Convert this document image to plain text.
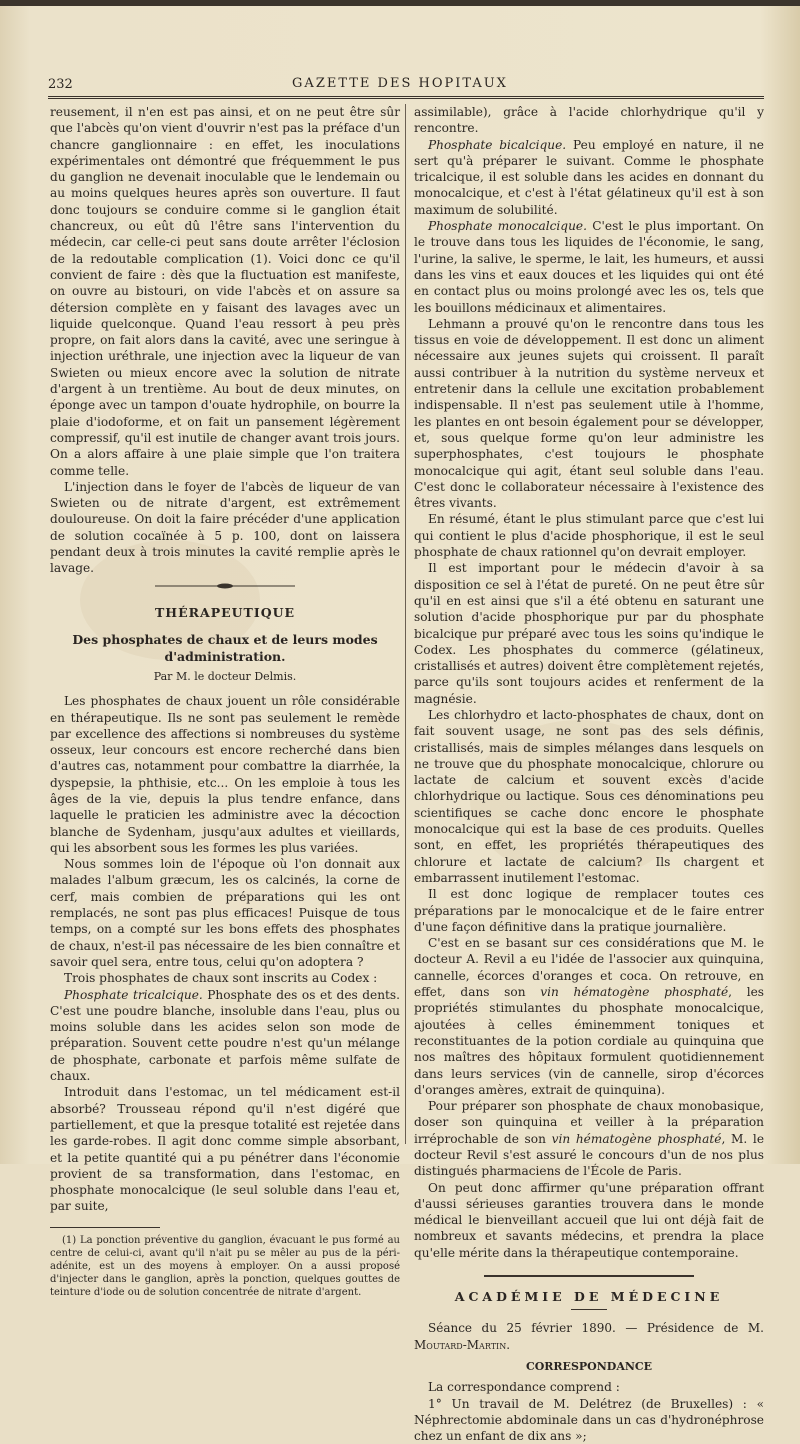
232	GAZETTE DES HOPITAUX

reusement, il n'en est pas ainsi, et on ne peut être sûr que l'abcès qu'on vient d'ouvrir n'est pas la préface d'un chancre ganglionnaire : en effet, les inoculations expérimentales ont démontré que fréquemment le pus du ganglion ne devenait inoculable que le lendemain ou au moins quelques heures après son ouverture. Il faut donc toujours se conduire comme si le ganglion était chancreux, ou eût dû l'être sans l'intervention du médecin, car celle-ci peut sans doute arrêter l'éclosion de la redoutable complication (1). Voici donc ce qu'il convient de faire : dès que la fluctuation est manifeste, on ouvre au bistouri, on vide l'abcès et on assure sa détersion complète en y faisant des lavages avec un liquide quelconque. Quand l'eau ressort à peu près propre, on fait alors dans la cavité, avec une seringue à injection uréthrale, une injection avec la liqueur de van Swieten ou mieux encore avec la solution de nitrate d'argent à un trentième. Au bout de deux minutes, on éponge avec un tampon d'ouate hydrophile, on bourre la plaie d'iodoforme, et on fait un pansement légèrement compressif, qu'il est inutile de changer avant trois jours. On a alors affaire à une plaie simple que l'on traitera comme telle.

L'injection dans le foyer de l'abcès de liqueur de van Swieten ou de nitrate d'argent, est extrêmement douloureuse. On doit la faire précéder d'une application de solution cocaïnée à 5 p. 100, dont on laissera pendant deux à trois minutes la cavité remplie après le lavage.

THÉRAPEUTIQUE
Des phosphates de chaux et de leurs modes
d'administration.
Par M. le docteur Delmis.

Les phosphates de chaux jouent un rôle considérable en thérapeutique. Ils ne sont pas seulement le remède par excellence des affections si nombreuses du système osseux, leur concours est encore recherché dans bien d'autres cas, notamment pour combattre la diarrhée, la dyspepsie, la phthisie, etc... On les emploie à tous les âges de la vie, depuis la plus tendre enfance, dans laquelle le praticien les administre avec la décoction blanche de Sydenham, jusqu'aux adultes et vieillards, qui les absorbent sous les formes les plus variées.

Nous sommes loin de l'époque où l'on donnait aux malades l'album græcum, les os calcinés, la corne de cerf, mais combien de préparations qui les ont remplacés, ne sont pas plus efficaces! Puisque de tous temps, on a compté sur les bons effets des phosphates de chaux, n'est-il pas nécessaire de les bien connaître et savoir quel sera, entre tous, celui qu'on adoptera ?

Trois phosphates de chaux sont inscrits au Codex :

Phosphate tricalcique. Phosphate des os et des dents. C'est une poudre blanche, insoluble dans l'eau, plus ou moins soluble dans les acides selon son mode de préparation. Souvent cette poudre n'est qu'un mélange de phosphate, carbonate et parfois même sulfate de chaux.

Introduit dans l'estomac, un tel médicament est-il absorbé? Trousseau répond qu'il n'est digéré que partiellement, et que la presque totalité est rejetée dans les garde-robes. Il agit donc comme simple absorbant, et la petite quantité qui a pu pénétrer dans l'économie provient de sa transformation, dans l'estomac, en phosphate monocalcique (le seul soluble dans l'eau et, par suite,

(1) La ponction préventive du ganglion, évacuant le pus formé au centre de celui-ci, avant qu'il n'ait pu se mêler au pus de la péri-adénite, est un des moyens à employer. On a aussi proposé d'injecter dans le ganglion, après la ponction, quelques gouttes de teinture d'iode ou de solution concentrée de nitrate d'argent.

assimilable), grâce à l'acide chlorhydrique qu'il y rencontre.

Phosphate bicalcique. Peu employé en nature, il ne sert qu'à préparer le suivant. Comme le phosphate tricalcique, il est soluble dans les acides en donnant du monocalcique, et c'est à l'état gélatineux qu'il est à son maximum de solubilité.

Phosphate monocalcique. C'est le plus important. On le trouve dans tous les liquides de l'économie, le sang, l'urine, la salive, le sperme, le lait, les humeurs, et aussi dans les vins et eaux douces et les liquides qui ont été en contact plus ou moins prolongé avec les os, tels que les bouillons médicinaux et alimentaires.

Lehmann a prouvé qu'on le rencontre dans tous les tissus en voie de développement. Il est donc un aliment nécessaire aux jeunes sujets qui croissent. Il paraît aussi contribuer à la nutrition du système nerveux et entretenir dans la cellule une excitation probablement indispensable. Il n'est pas seulement utile à l'homme, les plantes en ont besoin également pour se développer, et, sous quelque forme qu'on leur administre les superphosphates, c'est toujours le phosphate monocalcique qui agit, étant seul soluble dans l'eau. C'est donc le collaborateur nécessaire à l'existence des êtres vivants.

En résumé, étant le plus stimulant parce que c'est lui qui contient le plus d'acide phosphorique, il est le seul phosphate de chaux rationnel qu'on devrait employer.

Il est important pour le médecin d'avoir à sa disposition ce sel à l'état de pureté. On ne peut être sûr qu'il en est ainsi que s'il a été obtenu en saturant une solution d'acide phosphorique pur par du phosphate bicalcique pur préparé avec tous les soins qu'indique le Codex. Les phosphates du commerce (gélatineux, cristallisés et autres) doivent être complètement rejetés, parce qu'ils sont toujours acides et renferment de la magnésie.

Les chlorhydro et lacto-phosphates de chaux, dont on fait souvent usage, ne sont pas des sels définis, cristallisés, mais de simples mélanges dans lesquels on ne trouve que du phosphate monocalcique, chlorure ou lactate de calcium et souvent excès d'acide chlorhydrique ou lactique. Sous ces dénominations peu scientifiques se cache donc encore le phosphate monocalcique qui est la base de ces produits. Quelles sont, en effet, les propriétés thérapeutiques des chlorure et lactate de calcium? Ils chargent et embarrassent inutilement l'estomac.

Il est donc logique de remplacer toutes ces préparations par le monocalcique et de le faire entrer d'une façon définitive dans la pratique journalière.

C'est en se basant sur ces considérations que M. le docteur A. Revil a eu l'idée de l'associer aux quinquina, cannelle, écorces d'oranges et coca. On retrouve, en effet, dans son vin hématogène phosphaté, les propriétés stimulantes du phosphate monocalcique, ajoutées à celles éminemment toniques et reconstituantes de la potion cordiale au quinquina que nos maîtres des hôpitaux formulent quotidiennement dans leurs services (vin de cannelle, sirop d'écorces d'oranges amères, extrait de quinquina).

Pour préparer son phosphate de chaux monobasique, doser son quinquina et veiller à la préparation irréprochable de son vin hématogène phosphaté, M. le docteur Revil s'est assuré le concours d'un de nos plus distingués pharmaciens de l'École de Paris.

On peut donc affirmer qu'une préparation offrant d'aussi sérieuses garanties trouvera dans le monde médical le bienveillant accueil que lui ont déjà fait de nombreux et savants médecins, et prendra la place qu'elle mérite dans la thérapeutique contemporaine.

ACADÉMIE DE MÉDECINE

Séance du 25 février 1890. — Présidence de M. Moutard-Martin.

CORRESPONDANCE

La correspondance comprend :

1° Un travail de M. Delétrez (de Bruxelles) : « Néphrectomie abdominale dans un cas d'hydronéphrose chez un enfant de dix ans »;
